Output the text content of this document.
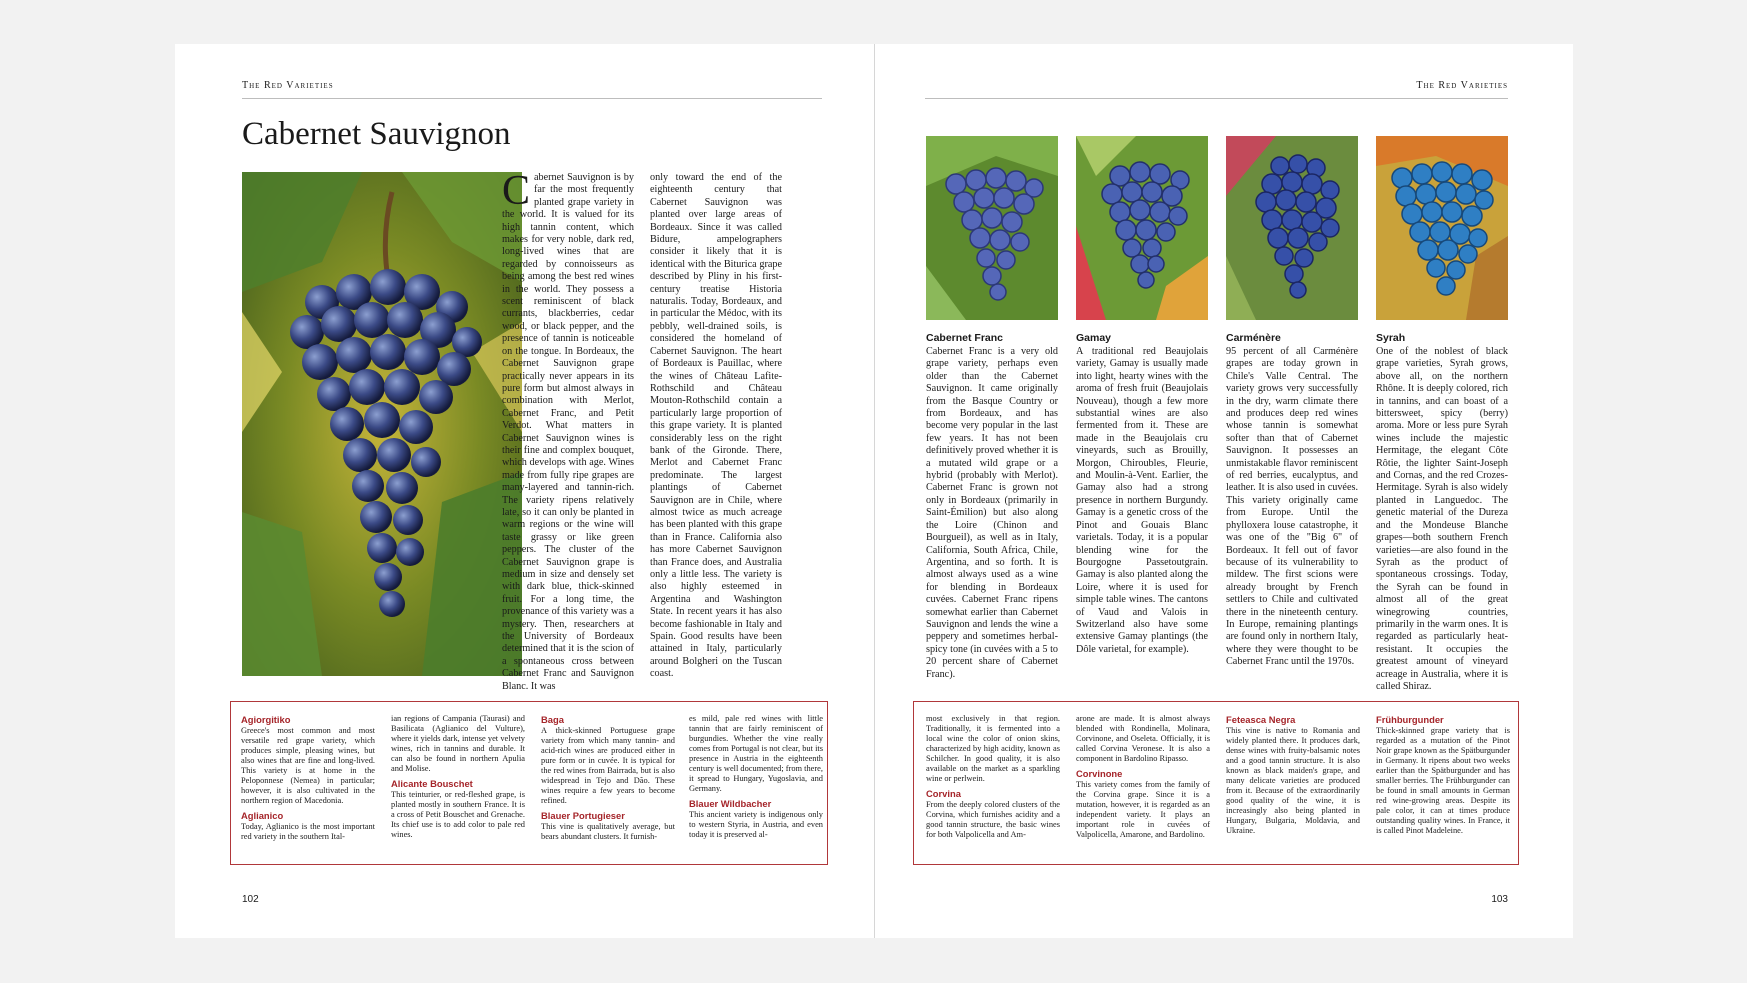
The Red Varieties
Cabernet Sauvignon

Cabernet Sauvignon is by far the most frequently planted grape variety in the world. It is valued for its high tannin content, which makes for very noble, dark red, long-lived wines that are regarded by connoisseurs as being among the best red wines in the world. They possess a scent reminiscent of black currants, blackberries, cedar wood, or black pepper, and the presence of tannin is noticeable on the tongue. In Bordeaux, the Cabernet Sauvignon grape practically never appears in its pure form but almost always in combination with Merlot, Cabernet Franc, and Petit Verdot. What matters in Cabernet Sauvignon wines is their fine and complex bouquet, which develops with age. Wines made from fully ripe grapes are many-layered and tannin-rich. The variety ripens relatively late, so it can only be planted in warm regions or the wine will taste grassy or like green peppers. The cluster of the Cabernet Sauvignon grape is medium in size and densely set with dark blue, thick-skinned fruit. For a long time, the provenance of this variety was a mystery. Then, researchers at the University of Bordeaux determined that it is the scion of a spontaneous cross between Cabernet Franc and Sauvignon Blanc. It was

only toward the end of the eighteenth century that Cabernet Sauvignon was planted over large areas of Bordeaux. Since it was called Bidure, ampelographers consider it likely that it is identical with the Biturica grape described by Pliny in his first-century treatise Historia naturalis. Today, Bordeaux, and in particular the Médoc, with its pebbly, well-drained soils, is considered the homeland of Cabernet Sauvignon. The heart of Bordeaux is Pauillac, where the wines of Château Lafite-Rothschild and Château Mouton-Rothschild contain a particularly large proportion of this grape variety. It is planted considerably less on the right bank of the Gironde. There, Merlot and Cabernet Franc predominate. The largest plantings of Cabernet Sauvignon are in Chile, where almost twice as much acreage has been planted with this grape than in France. California also has more Cabernet Sauvignon than France does, and Australia only a little less. The variety is also highly esteemed in Argentina and Washington State. In recent years it has also become fashionable in Italy and Spain. Good results have been attained in Italy, particularly around Bolgheri on the Tuscan coast.

Agiorgitiko

Greece's most common and most versatile red grape variety, which produces simple, pleasing wines, but also wines that are fine and long-lived. This variety is at home in the Peloponnese (Nemea) in particular; however, it is also cultivated in the northern region of Macedonia.

Aglianico

Today, Aglianico is the most important red variety in the southern Ital-

ian regions of Campania (Taurasi) and Basilicata (Aglianico del Vulture), where it yields dark, intense yet velvety wines, rich in tannins and durable. It can also be found in northern Apulia and Molise.

Alicante Bouschet

This teinturier, or red-fleshed grape, is planted mostly in southern France. It is a cross of Petit Bouschet and Grenache. Its chief use is to add color to pale red wines.

Baga

A thick-skinned Portuguese grape variety from which many tannin- and acid-rich wines are produced either in pure form or in cuvée. It is typical for the red wines from Bairrada, but is also widespread in Tejo and Dão. These wines require a few years to become refined.

Blauer Portugieser

This vine is qualitatively average, but bears abundant clusters. It furnish-

es mild, pale red wines with little tannin that are fairly reminiscent of burgundies. Whether the vine really comes from Portugal is not clear, but its presence in Austria in the eighteenth century is well documented; from there, it spread to Hungary, Yugoslavia, and Germany.

Blauer Wildbacher

This ancient variety is indigenous only to western Styria, in Austria, and even today it is preserved al-

102
The Red Varieties
Cabernet Franc

Cabernet Franc is a very old grape variety, perhaps even older than the Cabernet Sauvignon. It came originally from the Basque Country or from Bordeaux, and has become very popular in the last few years. It has not been definitively proved whether it is a mutated wild grape or a hybrid (probably with Merlot). Cabernet Franc is grown not only in Bordeaux (primarily in Saint-Émilion) but also along the Loire (Chinon and Bourgueil), as well as in Italy, California, South Africa, Chile, Argentina, and so forth. It is almost always used as a wine for blending in Bordeaux cuvées. Cabernet Franc ripens somewhat earlier than Cabernet Sauvignon and lends the wine a peppery and sometimes herbal-spicy tone (in cuvées with a 5 to 20 percent share of Cabernet Franc).

Gamay

A traditional red Beaujolais variety, Gamay is usually made into light, hearty wines with the aroma of fresh fruit (Beaujolais Nouveau), though a few more substantial wines are also fermented from it. These are made in the Beaujolais cru vineyards, such as Brouilly, Morgon, Chiroubles, Fleurie, and Moulin-à-Vent. Earlier, the Gamay also had a strong presence in northern Burgundy. Gamay is a genetic cross of the Pinot and Gouais Blanc varietals. Today, it is a popular blending wine for the Bourgogne Passetoutgrain. Gamay is also planted along the Loire, where it is used for simple table wines. The cantons of Vaud and Valois in Switzerland also have some extensive Gamay plantings (the Dôle varietal, for example).

Carménère

95 percent of all Carménère grapes are today grown in Chile's Valle Central. The variety grows very successfully in the dry, warm climate there and produces deep red wines whose tannin is somewhat softer than that of Cabernet Sauvignon. It possesses an unmistakable flavor reminiscent of red berries, eucalyptus, and leather. It is also used in cuvées. This variety originally came from Europe. Until the phylloxera louse catastrophe, it was one of the "Big 6" of Bordeaux. It fell out of favor because of its vulnerability to mildew. The first scions were already brought by French settlers to Chile and cultivated there in the nineteenth century. In Europe, remaining plantings are found only in northern Italy, where they were thought to be Cabernet Franc until the 1970s.

Syrah

One of the noblest of black grape varieties, Syrah grows, above all, on the northern Rhône. It is deeply colored, rich in tannins, and can boast of a bittersweet, spicy (berry) aroma. More or less pure Syrah wines include the majestic Hermitage, the elegant Côte Rôtie, the lighter Saint-Joseph and Cornas, and the red Crozes-Hermitage. Syrah is also widely planted in Languedoc. The genetic material of the Dureza and the Mondeuse Blanche grapes—both southern French varieties—are also found in the Syrah as the product of spontaneous crossings. Today, the Syrah can be found in almost all of the great winegrowing countries, primarily in the warm ones. It is regarded as particularly heat-resistant. It occupies the greatest amount of vineyard acreage in Australia, where it is called Shiraz.

most exclusively in that region. Traditionally, it is fermented into a local wine the color of onion skins, characterized by high acidity, known as Schilcher. In good quality, it is also available on the market as a sparkling wine or perlwein.

Corvina

From the deeply colored clusters of the Corvina, which furnishes acidity and a good tannin structure, the basic wines for both Valpolicella and Am-

arone are made. It is almost always blended with Rondinella, Molinara, Corvinone, and Oseleta. Officially, it is called Corvina Veronese. It is also a component in Bardolino Ripasso.

Corvinone

This variety comes from the family of the Corvina grape. Since it is a mutation, however, it is regarded as an independent variety. It plays an important role in cuvées of Valpolicella, Amarone, and Bardolino.

Feteasca Negra

This vine is native to Romania and widely planted there. It produces dark, dense wines with fruity-balsamic notes and a good tannin structure. It is also known as black maiden's grape, and many delicate varieties are produced from it. Because of the extraordinarily good quality of the wine, it is increasingly also being planted in Hungary, Bulgaria, Moldavia, and Ukraine.

Frühburgunder

Thick-skinned grape variety that is regarded as a mutation of the Pinot Noir grape known as the Spätburgunder in Germany. It ripens about two weeks earlier than the Spätburgunder and has smaller berries. The Frühburgunder can be found in small amounts in German red wine-growing areas. Despite its pale color, it can at times produce outstanding quality wines. In France, it is called Pinot Madeleine.

103
